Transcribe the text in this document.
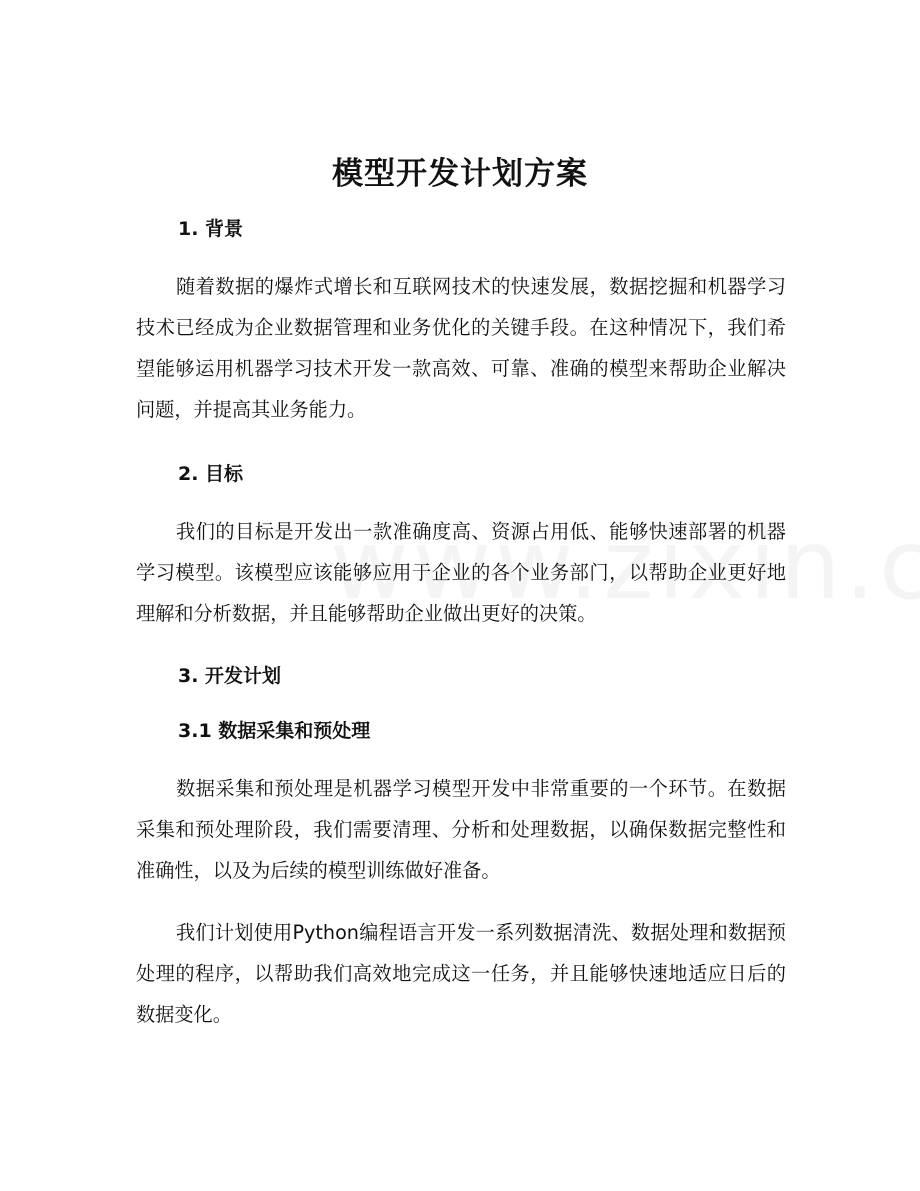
模型开发计划方案
1. 背景
随着数据的爆炸式增长和互联网技术的快速发展，数据挖掘和机器学习技术已经成为企业数据管理和业务优化的关键手段。在这种情况下，我们希望能够运用机器学习技术开发一款高效、可靠、准确的模型来帮助企业解决问题，并提高其业务能力。
2. 目标
我们的目标是开发出一款准确度高、资源占用低、能够快速部署的机器学习模型。该模型应该能够应用于企业的各个业务部门，以帮助企业更好地理解和分析数据，并且能够帮助企业做出更好的决策。
3. 开发计划
3.1 数据采集和预处理
数据采集和预处理是机器学习模型开发中非常重要的一个环节。在数据采集和预处理阶段，我们需要清理、分析和处理数据，以确保数据完整性和准确性，以及为后续的模型训练做好准备。
我们计划使用Python编程语言开发一系列数据清洗、数据处理和数据预处理的程序，以帮助我们高效地完成这一任务，并且能够快速地适应日后的数据变化。
